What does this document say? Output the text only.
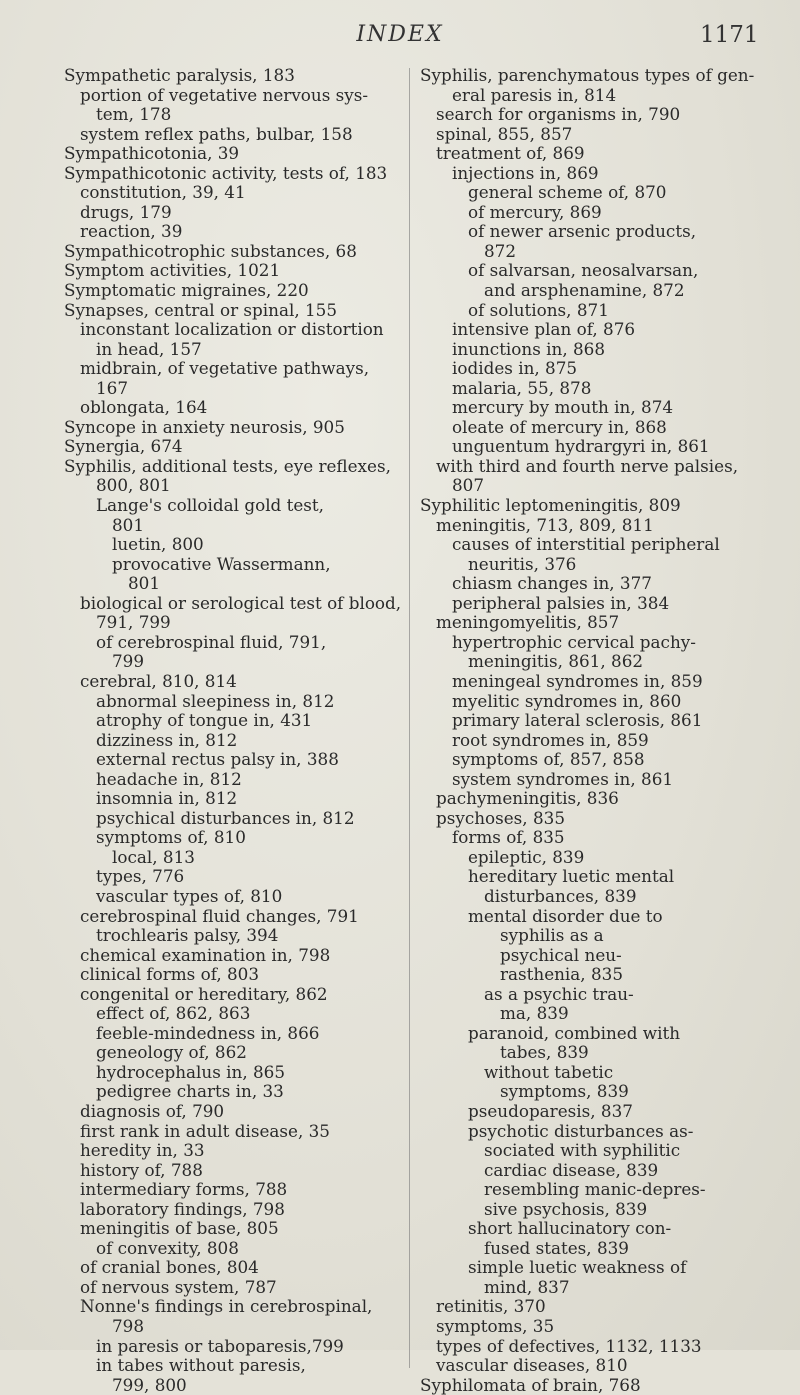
INDEX	1171
Sympathetic paralysis, 183
portion of vegetative nervous sys-
tem, 178
system reflex paths, bulbar, 158
Sympathicotonia, 39
Sympathicotonic activity, tests of, 183
constitution, 39, 41
drugs, 179
reaction, 39
Sympathicotrophic substances, 68
Symptom activities, 1021
Symptomatic migraines, 220
Synapses, central or spinal, 155
inconstant localization or distortion
in head, 157
midbrain, of vegetative pathways,
167
oblongata, 164
Syncope in anxiety neurosis, 905
Synergia, 674
Syphilis, additional tests, eye reflexes,
800, 801
Lange's colloidal gold test,
801
luetin, 800
provocative Wassermann,
801
biological or serological test of blood,
791, 799
of cerebrospinal fluid, 791,
799
cerebral, 810, 814
abnormal sleepiness in, 812
atrophy of tongue in, 431
dizziness in, 812
external rectus palsy in, 388
headache in, 812
insomnia in, 812
psychical disturbances in, 812
symptoms of, 810
local, 813
types, 776
vascular types of, 810
cerebrospinal fluid changes, 791
trochlearis palsy, 394
chemical examination in, 798
clinical forms of, 803
congenital or hereditary, 862
effect of, 862, 863
feeble-mindedness in, 866
geneology of, 862
hydrocephalus in, 865
pedigree charts in, 33
diagnosis of, 790
first rank in adult disease, 35
heredity in, 33
history of, 788
intermediary forms, 788
laboratory findings, 798
meningitis of base, 805
of convexity, 808
of cranial bones, 804
of nervous system, 787
Nonne's findings in cerebrospinal,
798
in paresis or taboparesis,799
in tabes without paresis,
799, 800
Syphilis, parenchymatous types of gen-
eral paresis in, 814
search for organisms in, 790
spinal, 855, 857
treatment of, 869
injections in, 869
general scheme of, 870
of mercury, 869
of newer arsenic products,
872
of salvarsan, neosalvarsan,
and arsphenamine, 872
of solutions, 871
intensive plan of, 876
inunctions in, 868
iodides in, 875
malaria, 55, 878
mercury by mouth in, 874
oleate of mercury in, 868
unguentum hydrargyri in, 861
with third and fourth nerve palsies,
807
Syphilitic leptomeningitis, 809
meningitis, 713, 809, 811
causes of interstitial peripheral
neuritis, 376
chiasm changes in, 377
peripheral palsies in, 384
meningomyelitis, 857
hypertrophic cervical pachy-
meningitis, 861, 862
meningeal syndromes in, 859
myelitic syndromes in, 860
primary lateral sclerosis, 861
root syndromes in, 859
symptoms of, 857, 858
system syndromes in, 861
pachymeningitis, 836
psychoses, 835
forms of, 835
epileptic, 839
hereditary luetic mental
disturbances, 839
mental disorder due to
syphilis as a
psychical neu-
rasthenia, 835
as a psychic trau-
ma, 839
paranoid, combined with
tabes, 839
without tabetic
symptoms, 839
pseudoparesis, 837
psychotic disturbances as-
sociated with syphilitic
cardiac disease, 839
resembling manic-depres-
sive psychosis, 839
short hallucinatory con-
fused states, 839
simple luetic weakness of
mind, 837
retinitis, 370
symptoms, 35
types of defectives, 1132, 1133
vascular diseases, 810
Syphilomata of brain, 768
